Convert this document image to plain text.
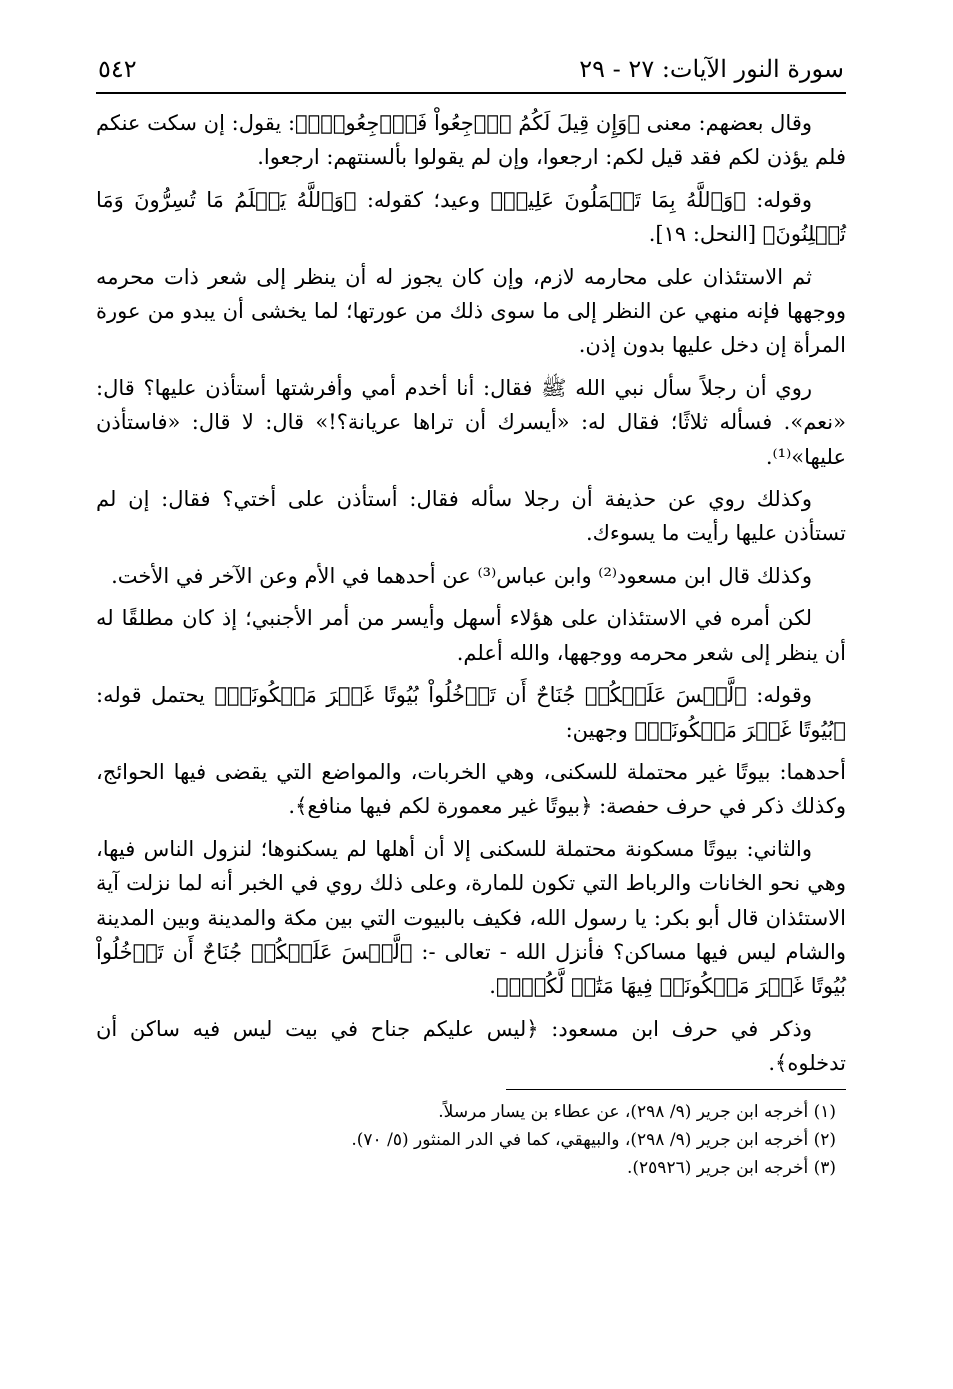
سورة النور الآيات: ٢٧ - ٢٩
٥٤٢

وقال بعضهم: معنى ﴿وَإِن قِيلَ لَكُمُ ٱرۡجِعُواْ فَٱرۡجِعُواْۖ﴾: يقول: إن سكت عنكم فلم يؤذن لكم فقد قيل لكم: ارجعوا، وإن لم يقولوا بألسنتهم: ارجعوا.

وقوله: ﴿وَٱللَّهُ بِمَا تَعۡمَلُونَ عَلِيمٞ﴾ وعيد؛ كقوله: ﴿وَٱللَّهُ يَعۡلَمُ مَا تُسِرُّونَ وَمَا تُعۡلِنُونَ﴾ [النحل: ١٩].

ثم الاستئذان على محارمه لازم، وإن كان يجوز له أن ينظر إلى شعر ذات محرمه ووجهها فإنه منهي عن النظر إلى ما سوى ذلك من عورتها؛ لما يخشى أن يبدو من عورة المرأة إن دخل عليها بدون إذن.

روي أن رجلاً سأل نبي الله ﷺ فقال: أنا أخدم أمي وأفرشتها أستأذن عليها؟ قال: «نعم». فسأله ثلاثًا؛ فقال له: «أيسرك أن تراها عريانة؟!» قال: لا قال: «فاستأذن عليها»⁽¹⁾.

وكذلك روي عن حذيفة أن رجلا سأله فقال: أستأذن على أختي؟ فقال: إن لم تستأذن عليها رأيت ما يسوءك.

وكذلك قال ابن مسعود⁽²⁾ وابن عباس⁽³⁾ عن أحدهما في الأم وعن الآخر في الأخت.

لكن أمره في الاستئذان على هؤلاء أسهل وأيسر من أمر الأجنبي؛ إذ كان مطلقًا له أن ينظر إلى شعر محرمه ووجهها، والله أعلم.

وقوله: ﴿لَّيۡسَ عَلَيۡكُمۡ جُنَاحٌ أَن تَدۡخُلُواْ بُيُوتًا غَيۡرَ مَسۡكُونَةٖ﴾ يحتمل قوله: ﴿بُيُوتًا غَيۡرَ مَسۡكُونَةٖ﴾ وجهين:

أحدهما: بيوتًا غير محتملة للسكنى، وهي الخربات، والمواضع التي يقضى فيها الحوائج، وكذلك ذكر في حرف حفصة: ﴿بيوتًا غير معمورة لكم فيها منافع﴾.

والثاني: بيوتًا مسكونة محتملة للسكنى إلا أن أهلها لم يسكنوها؛ لنزول الناس فيها، وهي نحو الخانات والرباط التي تكون للمارة، وعلى ذلك روي في الخبر أنه لما نزلت آية الاستئذان قال أبو بكر: يا رسول الله، فكيف بالبيوت التي بين مكة والمدينة وبين المدينة والشام ليس فيها مساكن؟ فأنزل الله - تعالى -: ﴿لَّيۡسَ عَلَيۡكُمۡ جُنَاحٌ أَن تَدۡخُلُواْ بُيُوتًا غَيۡرَ مَسۡكُونَةٖ فِيهَا مَتَٰعٞ لَّكُمۡۚ﴾.

وذكر في حرف ابن مسعود: ﴿ليس عليكم جناح في بيت ليس فيه ساكن أن تدخلوه﴾.

(١) أخرجه ابن جرير (٩/ ٢٩٨)، عن عطاء بن يسار مرسلاً.

(٢) أخرجه ابن جرير (٩/ ٢٩٨)، والبيهقي، كما في الدر المنثور (٥/ ٧٠).

(٣) أخرجه ابن جرير (٢٥٩٢٦).
